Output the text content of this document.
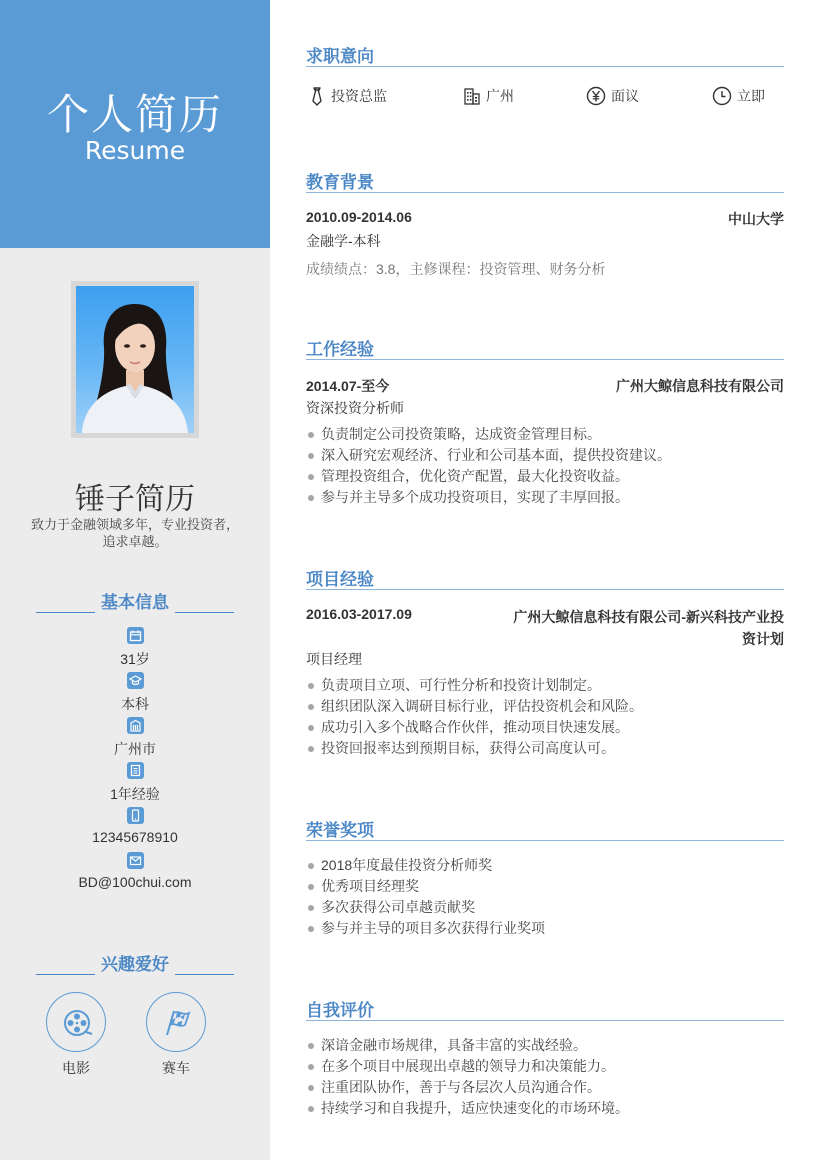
个人简历
Resume
锤子简历
致力于金融领域多年，专业投资者，追求卓越。
基本信息
31岁
本科
广州市
1年经验
12345678910
BD@100chui.com
兴趣爱好
电影	赛车
求职意向
投资总监	广州	面议	立即
教育背景
2010.09-2014.06	中山大学
金融学-本科
成绩绩点：3.8，主修课程：投资管理、财务分析
工作经验
2014.07-至今	广州大鲸信息科技有限公司
资深投资分析师
负责制定公司投资策略，达成资金管理目标。
深入研究宏观经济、行业和公司基本面，提供投资建议。
管理投资组合，优化资产配置，最大化投资收益。
参与并主导多个成功投资项目，实现了丰厚回报。
项目经验
2016.03-2017.09	广州大鲸信息科技有限公司-新兴科技产业投
资计划
项目经理
负责项目立项、可行性分析和投资计划制定。
组织团队深入调研目标行业，评估投资机会和风险。
成功引入多个战略合作伙伴，推动项目快速发展。
投资回报率达到预期目标，获得公司高度认可。
荣誉奖项
2018年度最佳投资分析师奖
优秀项目经理奖
多次获得公司卓越贡献奖
参与并主导的项目多次获得行业奖项
自我评价
深谙金融市场规律，具备丰富的实战经验。
在多个项目中展现出卓越的领导力和决策能力。
注重团队协作，善于与各层次人员沟通合作。
持续学习和自我提升，适应快速变化的市场环境。
